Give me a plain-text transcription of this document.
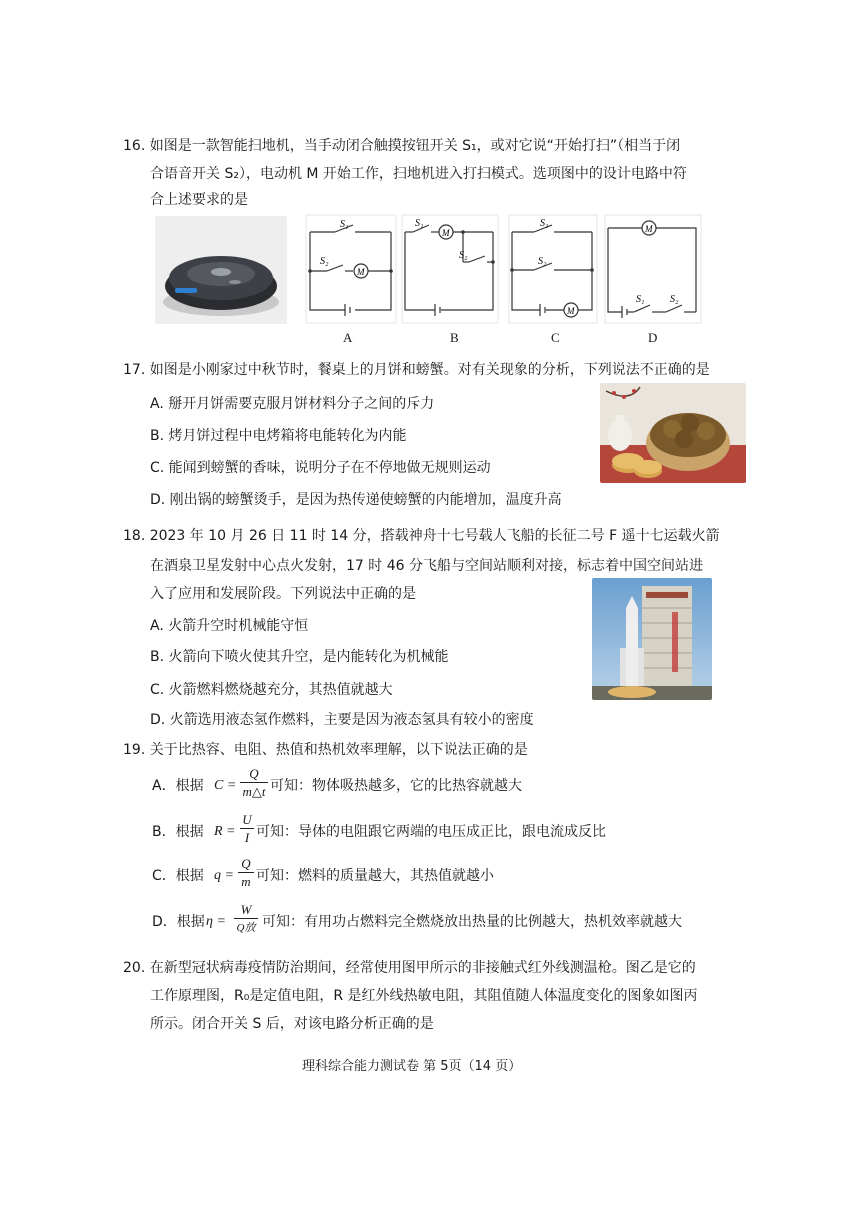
16. 如图是一款智能扫地机，当手动闭合触摸按钮开关 S₁，或对它说“开始打扫”（相当于闭
合语音开关 S₂），电动机 M 开始工作，扫地机进入打扫模式。选项图中的设计电路中符
合上述要求的是
S₁
S₂
M
A
S₁
S₂
M
B
S₁
S₂
M
C
M
S₁	S₂
D
17. 如图是小刚家过中秋节时，餐桌上的月饼和螃蟹。对有关现象的分析，下列说法不正确的是
A. 掰开月饼需要克服月饼材料分子之间的斥力
B. 烤月饼过程中电烤箱将电能转化为内能
C. 能闻到螃蟹的香味，说明分子在不停地做无规则运动
D. 刚出锅的螃蟹烫手，是因为热传递使螃蟹的内能增加，温度升高
18. 2023 年 10 月 26 日 11 时 14 分，搭载神舟十七号载人飞船的长征二号 F 遥十七运载火箭
在酒泉卫星发射中心点火发射，17 时 46 分飞船与空间站顺利对接，标志着中国空间站进
入了应用和发展阶段。下列说法中正确的是
A. 火箭升空时机械能守恒
B. 火箭向下喷火使其升空，是内能转化为机械能
C. 火箭燃料燃烧越充分，其热值就越大
D. 火箭选用液态氢作燃料，主要是因为液态氢具有较小的密度
19. 关于比热容、电阻、热值和热机效率理解，以下说法正确的是
A．根据 $C = \frac{Q}{m\triangle t}$ 可知：物体吸热越多，它的比热容就越大
B．根据 $R = \frac{U}{I}$ 可知：导体的电阻跟它两端的电压成正比，跟电流成反比
C．根据 $q = \frac{Q}{m}$ 可知：燃料的质量越大，其热值就越小
D．根据 η =
W
Q放 可知：有用功占燃料完全燃烧放出热量的比例越大，热机效率就越大
20. 在新型冠状病毒疫情防治期间，经常使用图甲所示的非接触式红外线测温枪。图乙是它的
工作原理图，R₀是定值电阻，R 是红外线热敏电阻，其阻值随人体温度变化的图象如图丙
所示。闭合开关 S 后，对该电路分析正确的是
理科综合能力测试卷 第 5页（14 页）
